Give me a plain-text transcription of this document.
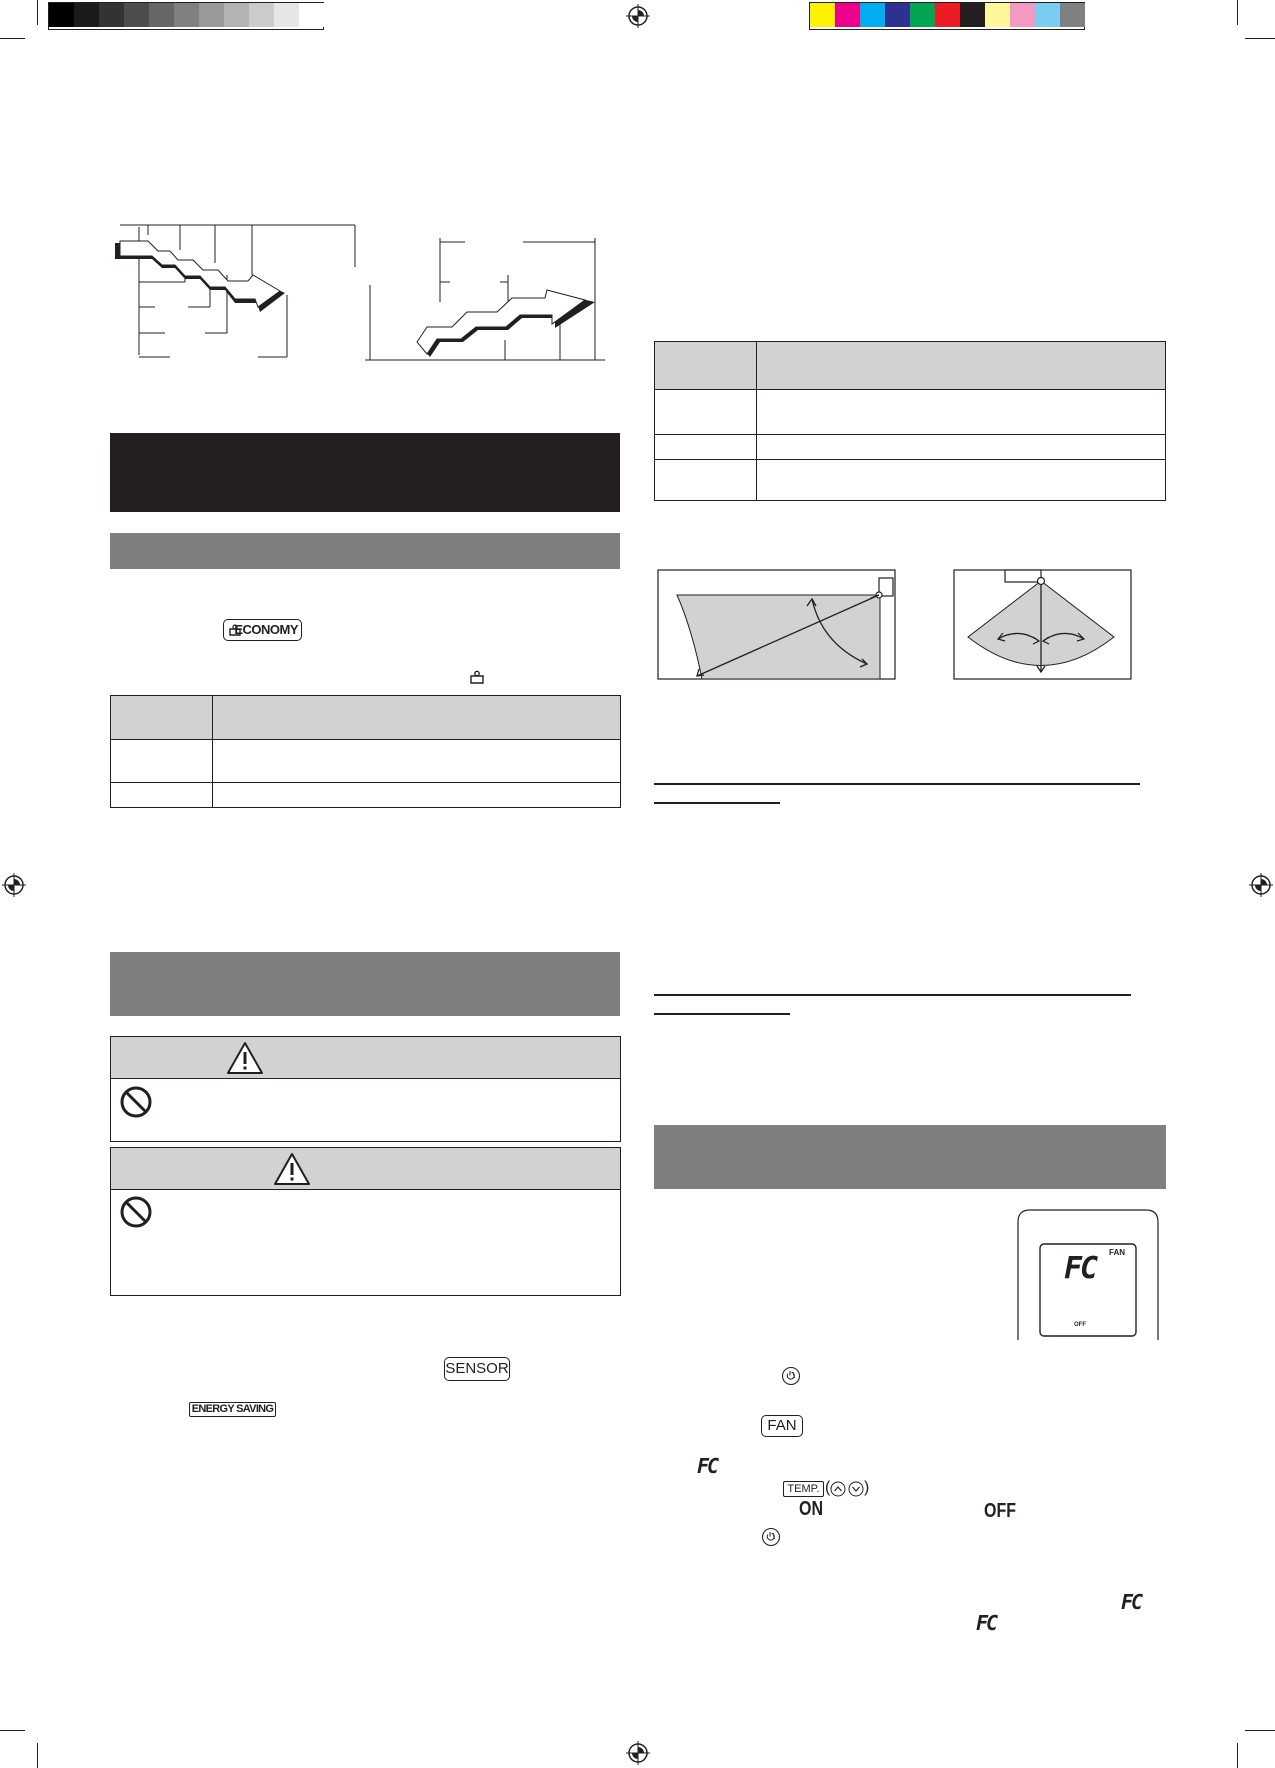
ECONOMY
SENSOR
ENERGY SAVING
FC FAN
OFF
FAN
FC
TEMP. ( )
ON	OFF
FC
FC
